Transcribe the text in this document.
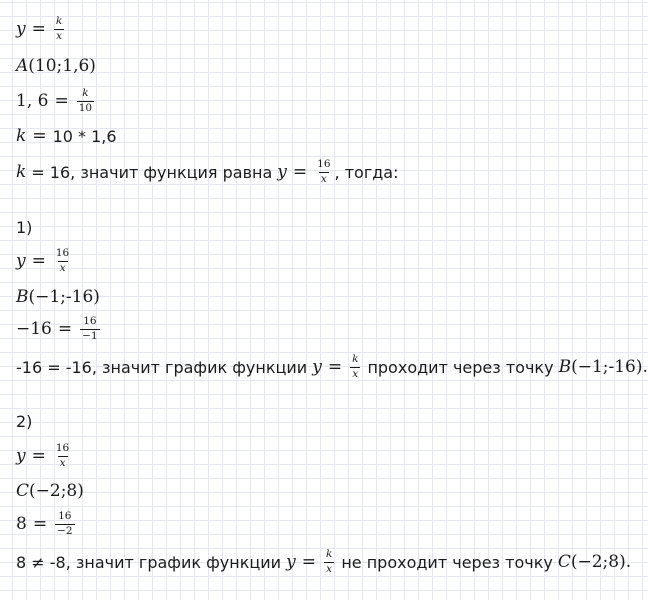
$y = \frac{k}{x}$
A (10;1,6)
1, $6 = \frac{k}{10}$
k = 10 * 1,6
k = 16, значит функция равна $y = \frac{16}{x}$ , тогда:
1)
$y = \frac{16}{x}$
B (−1;-16)
$-16 = \frac{16}{-1}$
-16 = -16, значит график функции $y = \frac{k}{x}$ проходит через точку B (−1;-16).
2)
$y = \frac{16}{x}$
C (−2;8)
$8 = \frac{16}{-2}$
8 ≠ -8, значит график функции $y = \frac{k}{x}$ не проходит через точку C (−2;8).
